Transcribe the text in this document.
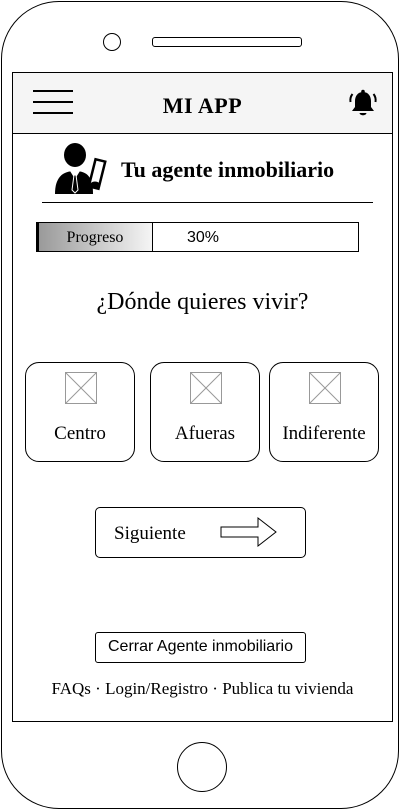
MI APP
Tu agente inmobiliario
Progreso	30%
¿Dónde quieres vivir?
Centro	Afueras	Indiferente
Siguiente
Cerrar Agente inmobiliario
FAQs · Login/Registro · Publica tu vivienda
